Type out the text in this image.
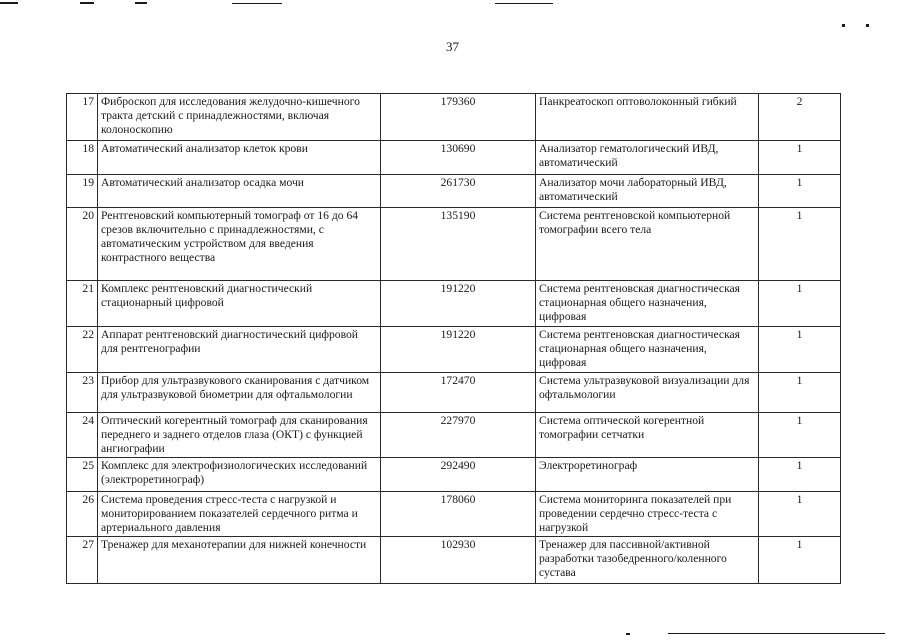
37
17	Фиброскоп для исследования желудочно-кишечного тракта детский с принадлежностями, включая колоноскопию	179360	Панкреатоскоп оптоволоконный гибкий	2
18	Автоматический анализатор клеток крови	130690	Анализатор гематологический ИВД, автоматический	1
19	Автоматический анализатор осадка мочи	261730	Анализатор мочи лабораторный ИВД, автоматический	1
20	Рентгеновский компьютерный томограф от 16 до 64 срезов включительно с принадлежностями, с автоматическим устройством для введения контрастного вещества	135190	Система рентгеновской компьютерной томографии всего тела	1
21	Комплекс рентгеновский диагностический стационарный цифровой	191220	Система рентгеновская диагностическая стационарная общего назначения, цифровая	1
22	Аппарат рентгеновский диагностический цифровой для рентгенографии	191220	Система рентгеновская диагностическая стационарная общего назначения, цифровая	1
23	Прибор для ультразвукового сканирования с датчиком для ультразвуковой биометрии для офтальмологии	172470	Система ультразвуковой визуализации для офтальмологии	1
24	Оптический когерентный томограф для сканирования переднего и заднего отделов глаза (ОКТ) с функцией ангиографии	227970	Система оптической когерентной томографии сетчатки	1
25	Комплекс для электрофизиологических исследований (электроретинограф)	292490	Электроретинограф	1
26	Система проведения стресс-теста с нагрузкой и мониторированием показателей сердечного ритма и артериального давления	178060	Система мониторинга показателей при проведении сердечно стресс-теста с нагрузкой	1
27	Тренажер для механотерапии для нижней конечности	102930	Тренажер для пассивной/активной разработки тазобедренного/коленного сустава	1
